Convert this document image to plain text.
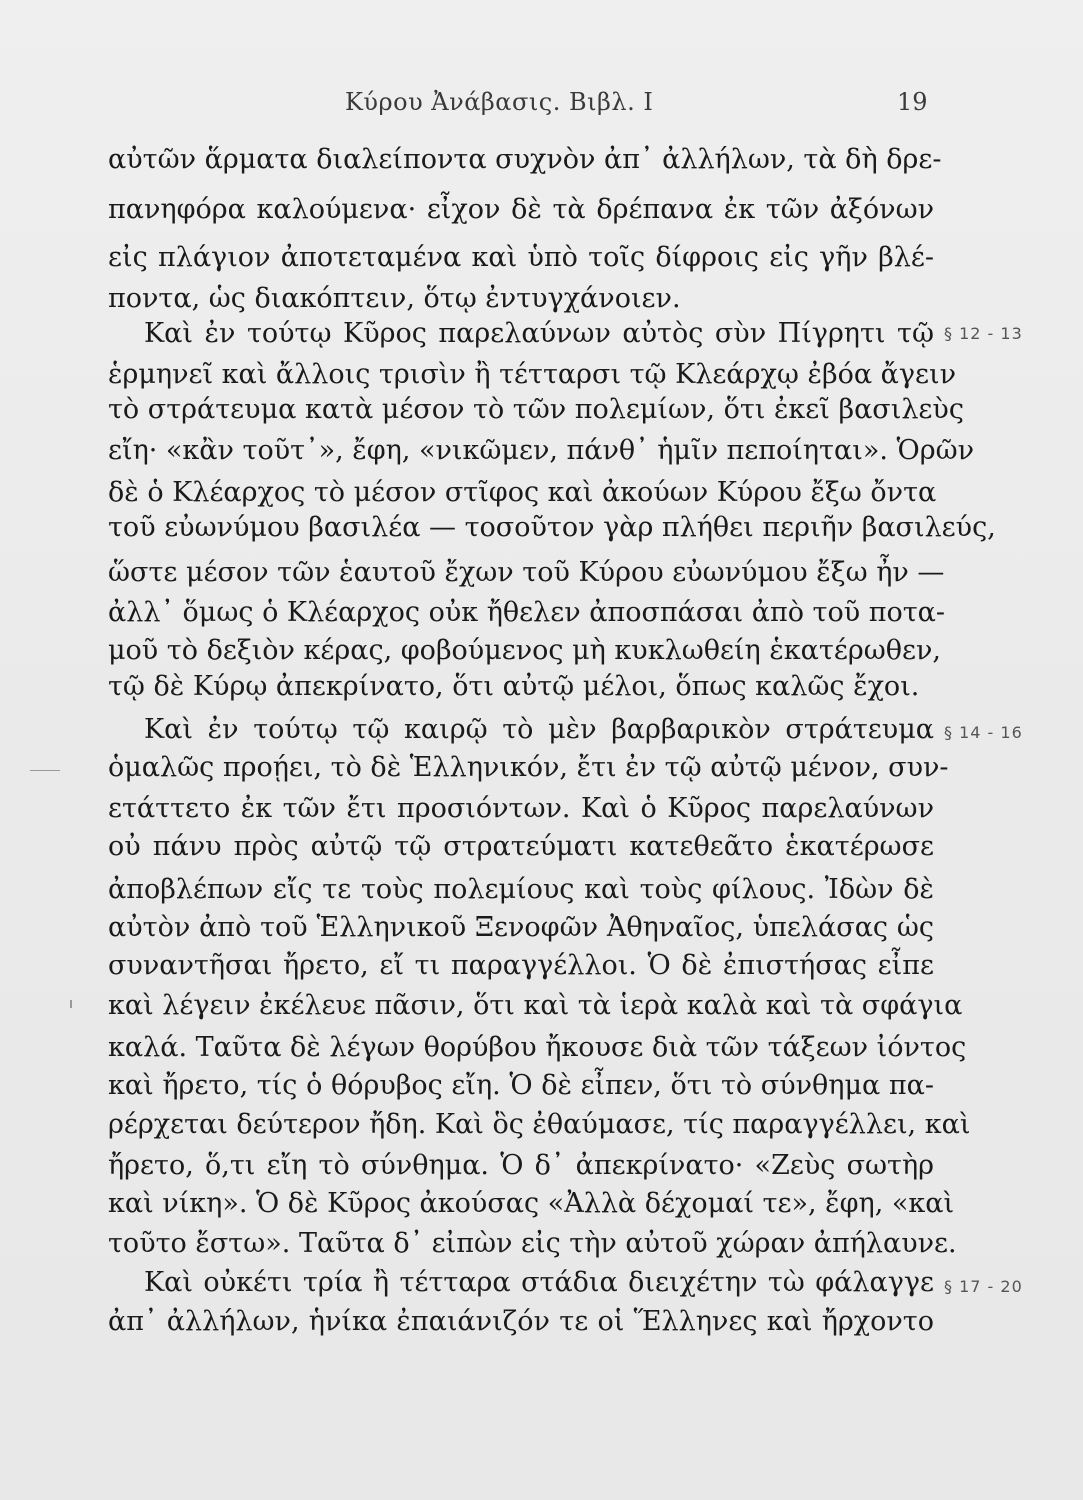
Κύρου Ἀνάβασις. Βιβλ. Ι	19
αὐτῶν ἅρματα διαλείποντα συχνὸν ἀπ᾽ ἀλλήλων, τὰ δὴ δρε-
πανηφόρα καλούμενα· εἶχον δὲ τὰ δρέπανα ἐκ τῶν ἀξόνων
εἰς πλάγιον ἀποτεταμένα καὶ ὑπὸ τοῖς δίφροις εἰς γῆν βλέ-
ποντα, ὡς διακόπτειν, ὅτῳ ἐντυγχάνοιεν.
Καὶ ἐν τούτῳ Κῦρος παρελαύνων αὐτὸς σὺν Πίγρητι τῷ § 12 - 13
ἑρμηνεῖ καὶ ἄλλοις τρισὶν ἢ τέτταρσι τῷ Κλεάρχῳ ἐβόα ἄγειν
τὸ στράτευμα κατὰ μέσον τὸ τῶν πολεμίων, ὅτι ἐκεῖ βασιλεὺς
εἴη· «κἂν τοῦτ᾽», ἔφη, «νικῶμεν, πάνθ᾽ ἡμῖν πεποίηται». Ὁρῶν
δὲ ὁ Κλέαρχος τὸ μέσον στῖφος καὶ ἀκούων Κύρου ἔξω ὄντα
τοῦ εὐωνύμου βασιλέα — τοσοῦτον γὰρ πλήθει περιῆν βασιλεύς,
ὥστε μέσον τῶν ἑαυτοῦ ἔχων τοῦ Κύρου εὐωνύμου ἔξω ἦν —
ἀλλ᾽ ὅμως ὁ Κλέαρχος οὐκ ἤθελεν ἀποσπάσαι ἀπὸ τοῦ ποτα-
μοῦ τὸ δεξιὸν κέρας, φοβούμενος μὴ κυκλωθείη ἑκατέρωθεν,
τῷ δὲ Κύρῳ ἀπεκρίνατο, ὅτι αὐτῷ μέλοι, ὅπως καλῶς ἔχοι.
Καὶ ἐν τούτῳ τῷ καιρῷ τὸ μὲν βαρβαρικὸν στράτευμα § 14 - 16
ὁμαλῶς προῄει, τὸ δὲ Ἑλληνικόν, ἔτι ἐν τῷ αὐτῷ μένον, συν-
ετάττετο ἐκ τῶν ἔτι προσιόντων. Καὶ ὁ Κῦρος παρελαύνων
οὐ πάνυ πρὸς αὐτῷ τῷ στρατεύματι κατεθεᾶτο ἑκατέρωσε
ἀποβλέπων εἴς τε τοὺς πολεμίους καὶ τοὺς φίλους. Ἰδὼν δὲ
αὐτὸν ἀπὸ τοῦ Ἑλληνικοῦ Ξενοφῶν Ἀθηναῖος, ὑπελάσας ὡς
συναντῆσαι ἤρετο, εἴ τι παραγγέλλοι. Ὁ δὲ ἐπιστήσας εἶπε
καὶ λέγειν ἐκέλευε πᾶσιν, ὅτι καὶ τὰ ἱερὰ καλὰ καὶ τὰ σφάγια
καλά. Ταῦτα δὲ λέγων θορύβου ἤκουσε διὰ τῶν τάξεων ἰόντος
καὶ ἤρετο, τίς ὁ θόρυβος εἴη. Ὁ δὲ εἶπεν, ὅτι τὸ σύνθημα πα-
ρέρχεται δεύτερον ἤδη. Καὶ ὃς ἐθαύμασε, τίς παραγγέλλει, καὶ
ἤρετο, ὅ,τι εἴη τὸ σύνθημα. Ὁ δ᾽ ἀπεκρίνατο· «Ζεὺς σωτὴρ
καὶ νίκη». Ὁ δὲ Κῦρος ἀκούσας «Ἀλλὰ δέχομαί τε», ἔφη, «καὶ
τοῦτο ἔστω». Ταῦτα δ᾽ εἰπὼν εἰς τὴν αὐτοῦ χώραν ἀπήλαυνε.
Καὶ οὐκέτι τρία ἢ τέτταρα στάδια διειχέτην τὼ φάλαγγε § 17 - 20
ἀπ᾽ ἀλλήλων, ἡνίκα ἐπαιάνιζόν τε οἱ Ἕλληνες καὶ ἤρχοντο
